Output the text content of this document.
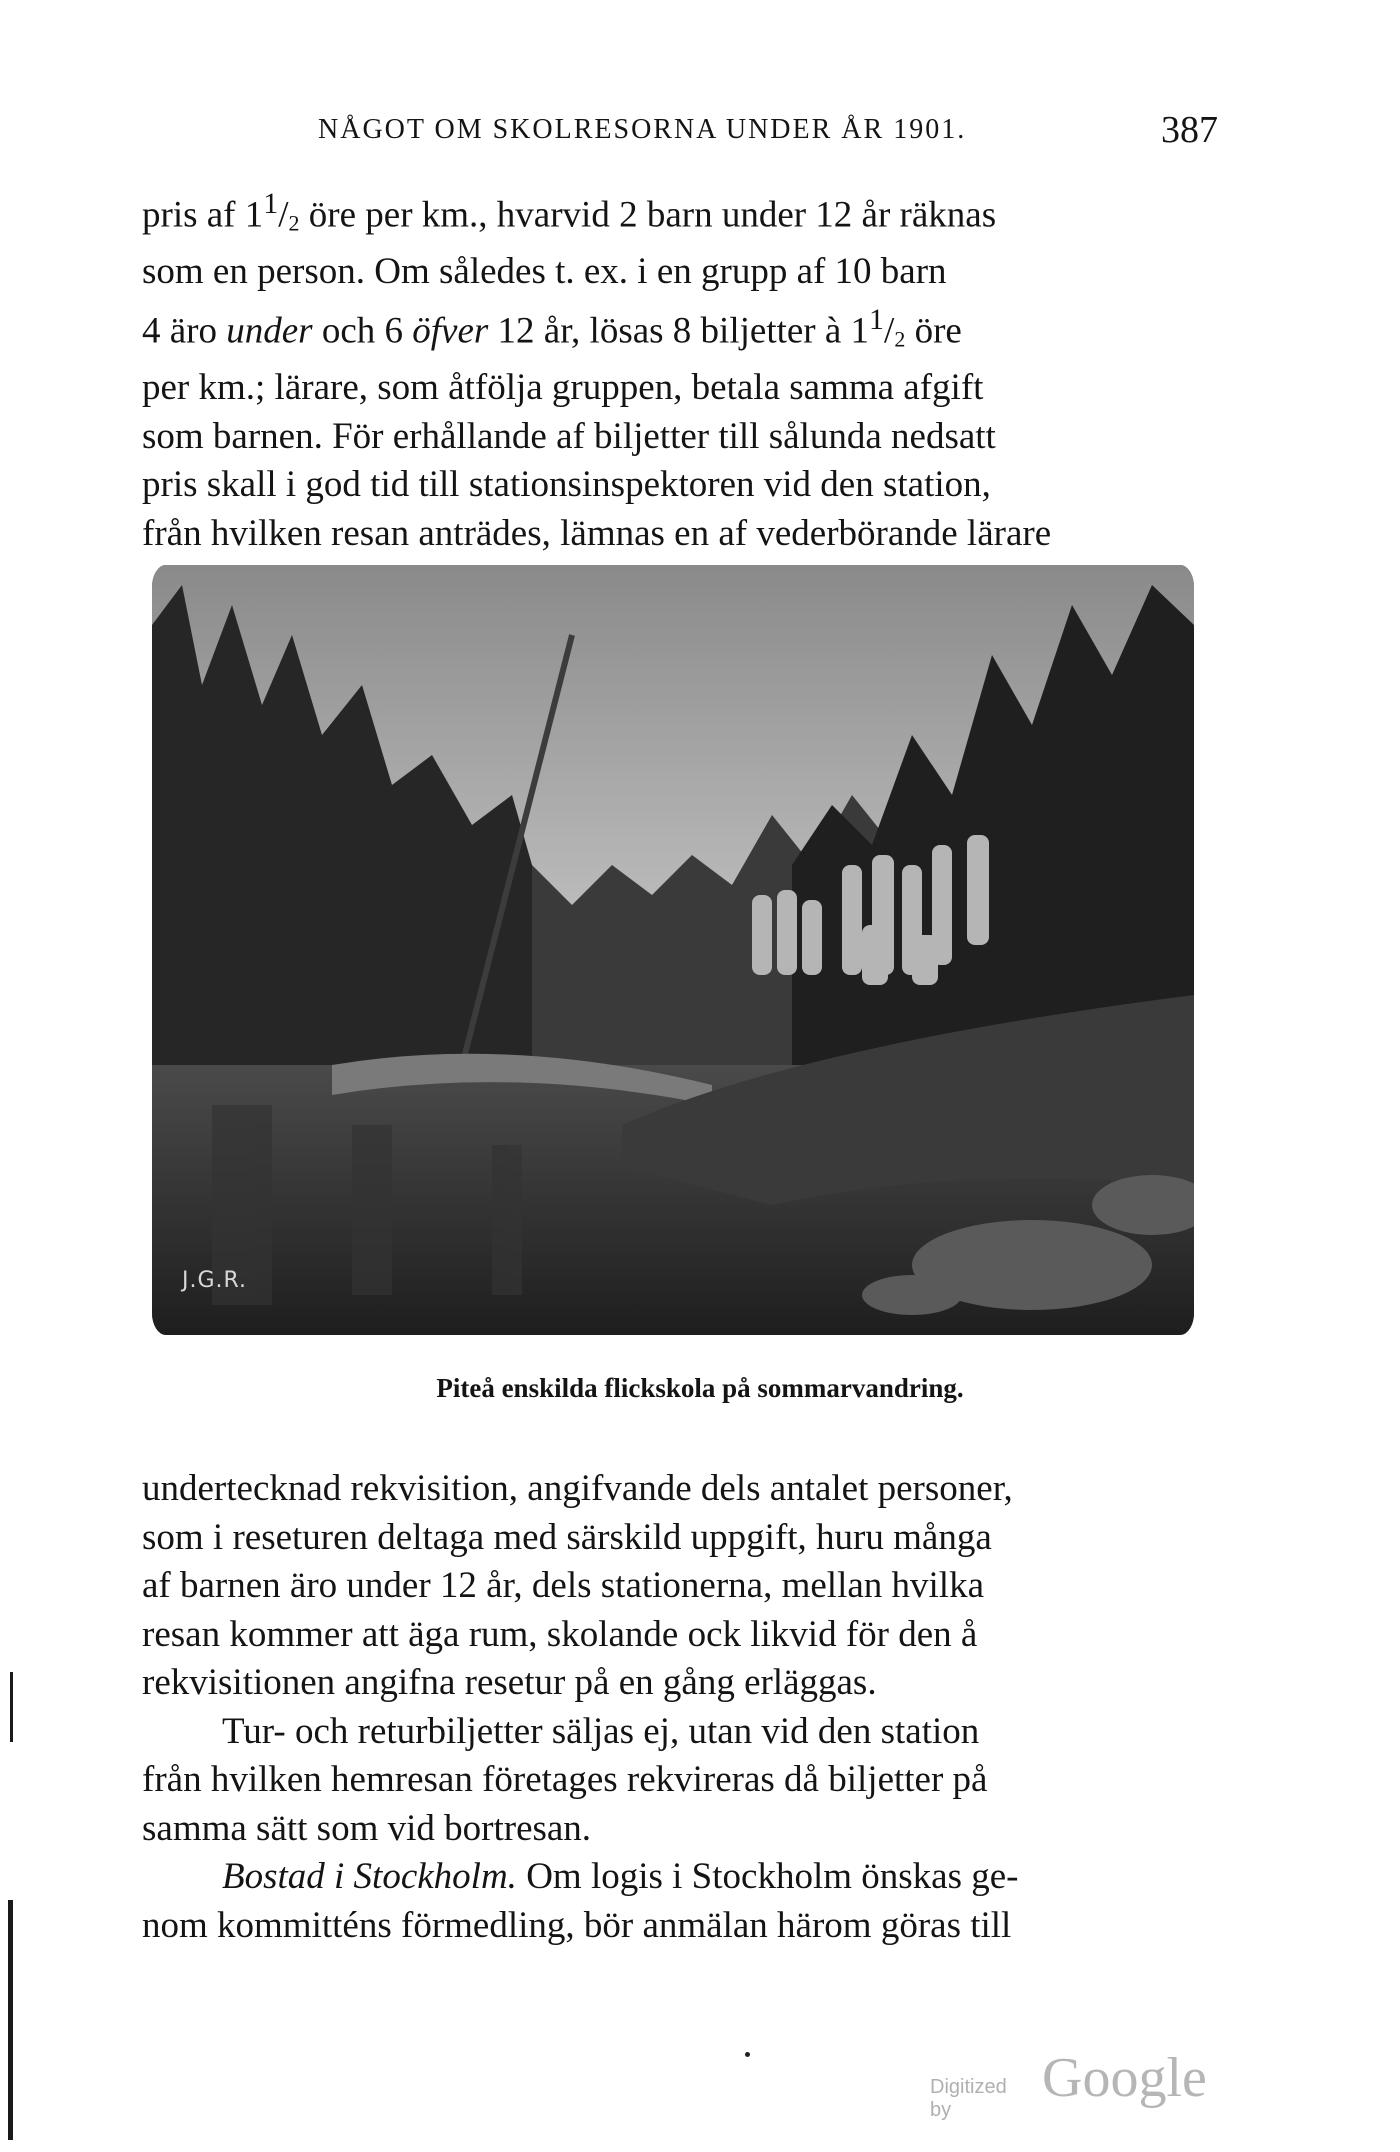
NÅGOT OM SKOLRESORNA UNDER ÅR 1901.	387

pris af $1^1/2$ öre per km., hvarvid 2 barn under 12 år räknas

som en person. Om således t. ex. i en grupp af 10 barn

4 äro under och 6 öfver 12 år, lösas 8 biljetter à $1^1/2$ öre

per km.; lärare, som åtfölja gruppen, betala samma afgift

som barnen. För erhållande af biljetter till sålunda nedsatt

pris skall i god tid till stationsinspektoren vid den station,

från hvilken resan anträdes, lämnas en af vederbörande lärare

J.G.R.
Piteå enskilda flickskola på sommarvandring.

undertecknad rekvisition, angifvande dels antalet personer,

som i reseturen deltaga med särskild uppgift, huru många

af barnen äro under 12 år, dels stationerna, mellan hvilka

resan kommer att äga rum, skolande ock likvid för den å

rekvisitionen angifna resetur på en gång erläggas.

Tur- och returbiljetter säljas ej, utan vid den station

från hvilken hemresan företages rekvireras då biljetter på

samma sätt som vid bortresan.

Bostad i Stockholm. Om logis i Stockholm önskas ge-

nom kommitténs förmedling, bör anmälan härom göras till

Digitized by
Google
